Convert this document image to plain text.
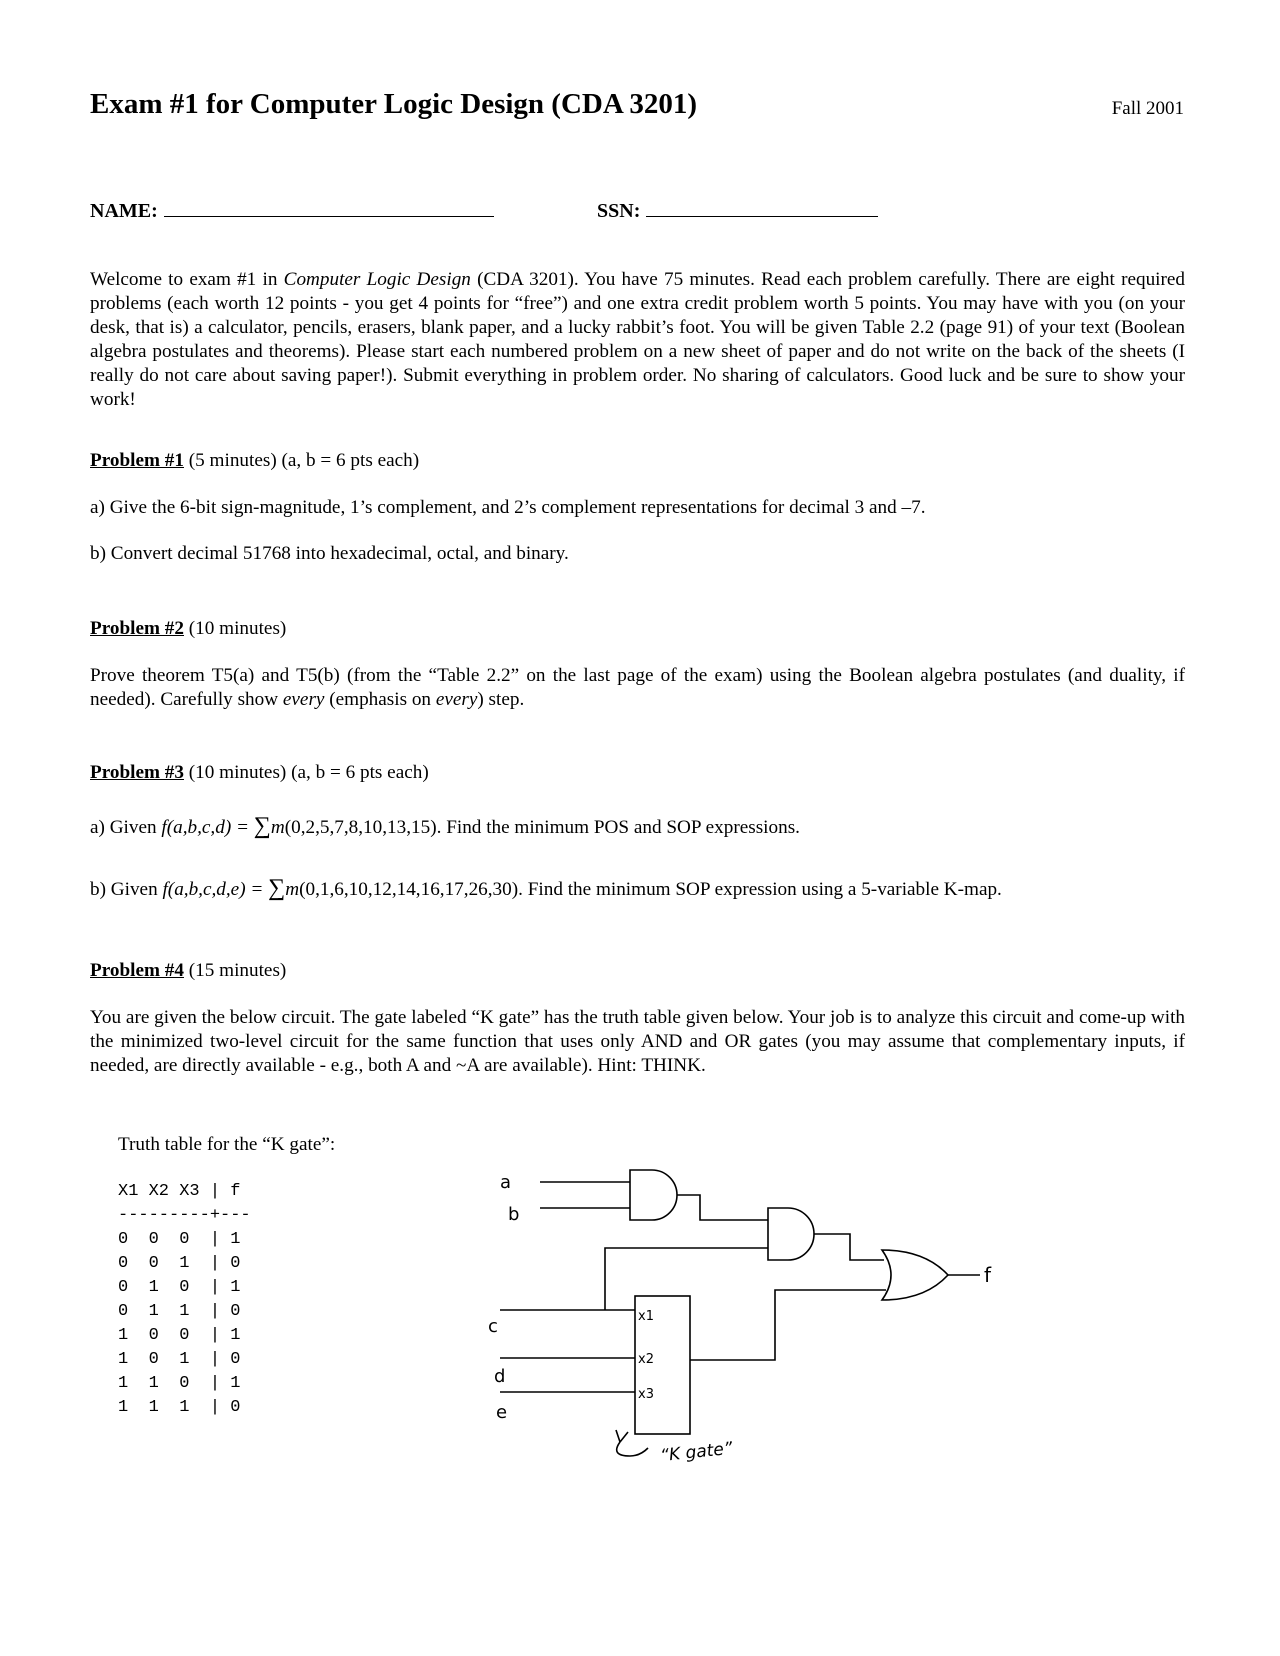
Exam #1 for Computer Logic Design (CDA 3201)	Fall 2001
NAME:	SSN:

Welcome to exam #1 in Computer Logic Design (CDA 3201). You have 75 minutes. Read each problem carefully. There are eight required problems (each worth 12 points - you get 4 points for “free”) and one extra credit problem worth 5 points. You may have with you (on your desk, that is) a calculator, pencils, erasers, blank paper, and a lucky rabbit’s foot. You will be given Table 2.2 (page 91) of your text (Boolean algebra postulates and theorems). Please start each numbered problem on a new sheet of paper and do not write on the back of the sheets (I really do not care about saving paper!). Submit everything in problem order. No sharing of calculators. Good luck and be sure to show your work!

Problem #1 (5 minutes) (a, b = 6 pts each)

a) Give the 6-bit sign-magnitude, 1’s complement, and 2’s complement representations for decimal 3 and –7.

b) Convert decimal 51768 into hexadecimal, octal, and binary.

Problem #2 (10 minutes)

Prove theorem T5(a) and T5(b) (from the “Table 2.2” on the last page of the exam) using the Boolean algebra postulates (and duality, if needed). Carefully show every (emphasis on every) step.

Problem #3 (10 minutes) (a, b = 6 pts each)

a) Given f(a,b,c,d) = ∑m(0,2,5,7,8,10,13,15). Find the minimum POS and SOP expressions.

b) Given f(a,b,c,d,e) = ∑m(0,1,6,10,12,14,16,17,26,30). Find the minimum SOP expression using a 5-variable K-map.

Problem #4 (15 minutes)

You are given the below circuit. The gate labeled “K gate” has the truth table given below. Your job is to analyze this circuit and come-up with the minimized two-level circuit for the same function that uses only AND and OR gates (you may assume that complementary inputs, if needed, are directly available - e.g., both A and ~A are available). Hint: THINK.

Truth table for the “K gate”:
X1 X2 X3 | f
---------+---
0  0  0  | 1
0  0  1  | 0
0  1  0  | 1
0  1  1  | 0
1  0  0  | 1
1  0  1  | 0
1  1  0  | 1
1  1  1  | 0
a
b
c
d
e
f
x1
x2
x3
“K gate”
